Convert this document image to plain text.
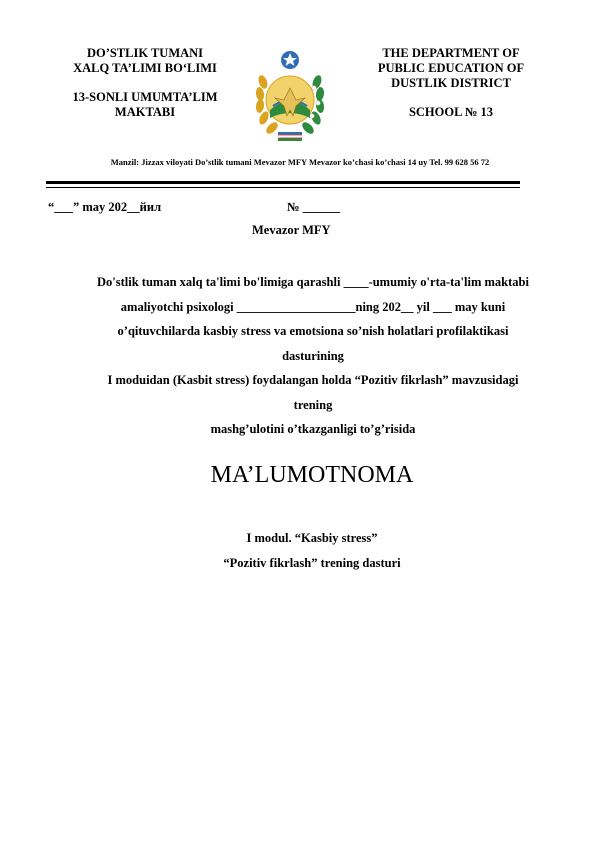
DO’STLIK TUMANI
XALQ TA’LIMI BO‘LIMI
13-SONLI UMUMTA’LIM
MAKTABI
THE DEPARTMENT OF
PUBLIC EDUCATION OF
DUSTLIK DISTRICT
SCHOOL № 13
Manzil: Jizzax viloyati Do’stlik tumani Mevazor MFY Mevazor ko’chasi ko’chasi 14 uy Tel. 99 628 56 72
“___” may 202__йил	№ ______
Mevazor MFY
Do'stlik tuman xalq ta'limi bo'limiga qarashli ____-umumiy o'rta-ta'lim maktabi
amaliyotchi psixologi ___________________ning 202__ yil ___ may kuni
o’qituvchilarda kasbiy stress va emotsiona so’nish holatlari profilaktikasi
dasturining
I moduidan (Kasbit stress) foydalangan holda “Pozitiv fikrlash” mavzusidagi
trening
mashg’ulotini o’tkazganligi to’g’risida
MA’LUMOTNOMA
I modul. “Kasbiy stress”
“Pozitiv fikrlash” trening dasturi
